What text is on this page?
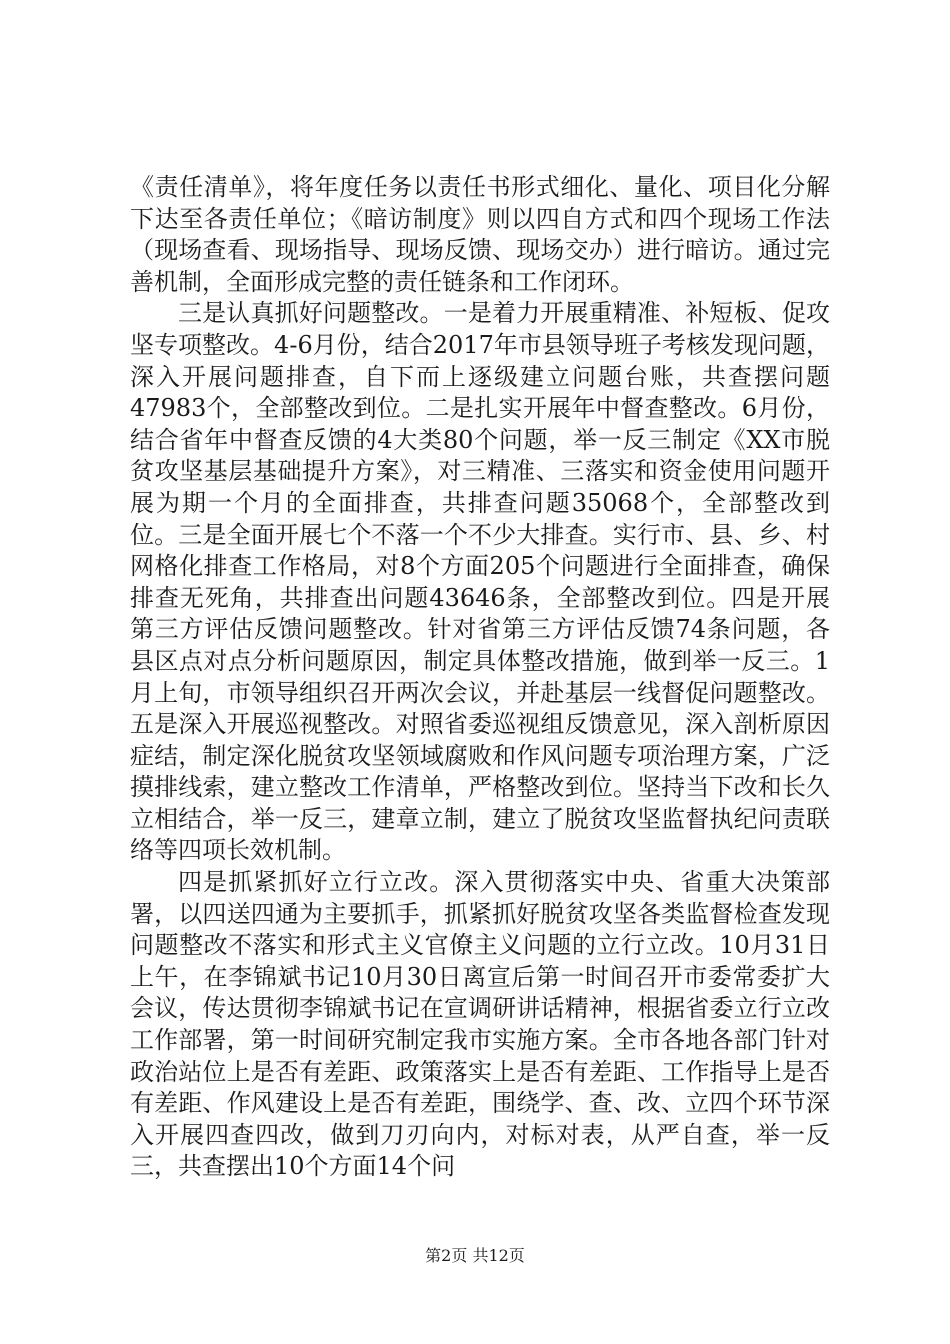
《责任清单》，将年度任务以责任书形式细化、量化、项目化分解下达至各责任单位；《暗访制度》则以四自方式和四个现场工作法（现场查看、现场指导、现场反馈、现场交办）进行暗访。通过完善机制，全面形成完整的责任链条和工作闭环。

三是认真抓好问题整改。一是着力开展重精准、补短板、促攻坚专项整改。4-6月份，结合2017年市县领导班子考核发现问题，深入开展问题排查，自下而上逐级建立问题台账，共查摆问题47983个，全部整改到位。二是扎实开展年中督查整改。6月份，结合省年中督查反馈的4大类80个问题，举一反三制定《XX市脱贫攻坚基层基础提升方案》，对三精准、三落实和资金使用问题开展为期一个月的全面排查，共排查问题35068个，全部整改到位。三是全面开展七个不落一个不少大排查。实行市、县、乡、村网格化排查工作格局，对8个方面205个问题进行全面排查，确保排查无死角，共排查出问题43646条，全部整改到位。四是开展第三方评估反馈问题整改。针对省第三方评估反馈74条问题，各县区点对点分析问题原因，制定具体整改措施，做到举一反三。1月上旬，市领导组织召开两次会议，并赴基层一线督促问题整改。五是深入开展巡视整改。对照省委巡视组反馈意见，深入剖析原因症结，制定深化脱贫攻坚领域腐败和作风问题专项治理方案，广泛摸排线索，建立整改工作清单，严格整改到位。坚持当下改和长久立相结合，举一反三，建章立制，建立了脱贫攻坚监督执纪问责联络等四项长效机制。

四是抓紧抓好立行立改。深入贯彻落实中央、省重大决策部署，以四送四通为主要抓手，抓紧抓好脱贫攻坚各类监督检查发现问题整改不落实和形式主义官僚主义问题的立行立改。10月31日上午，在李锦斌书记10月30日离宣后第一时间召开市委常委扩大会议，传达贯彻李锦斌书记在宣调研讲话精神，根据省委立行立改工作部署，第一时间研究制定我市实施方案。全市各地各部门针对政治站位上是否有差距、政策落实上是否有差距、工作指导上是否有差距、作风建设上是否有差距，围绕学、查、改、立四个环节深入开展四查四改，做到刀刃向内，对标对表，从严自查，举一反三，共查摆出10个方面14个问

第2页 共12页
